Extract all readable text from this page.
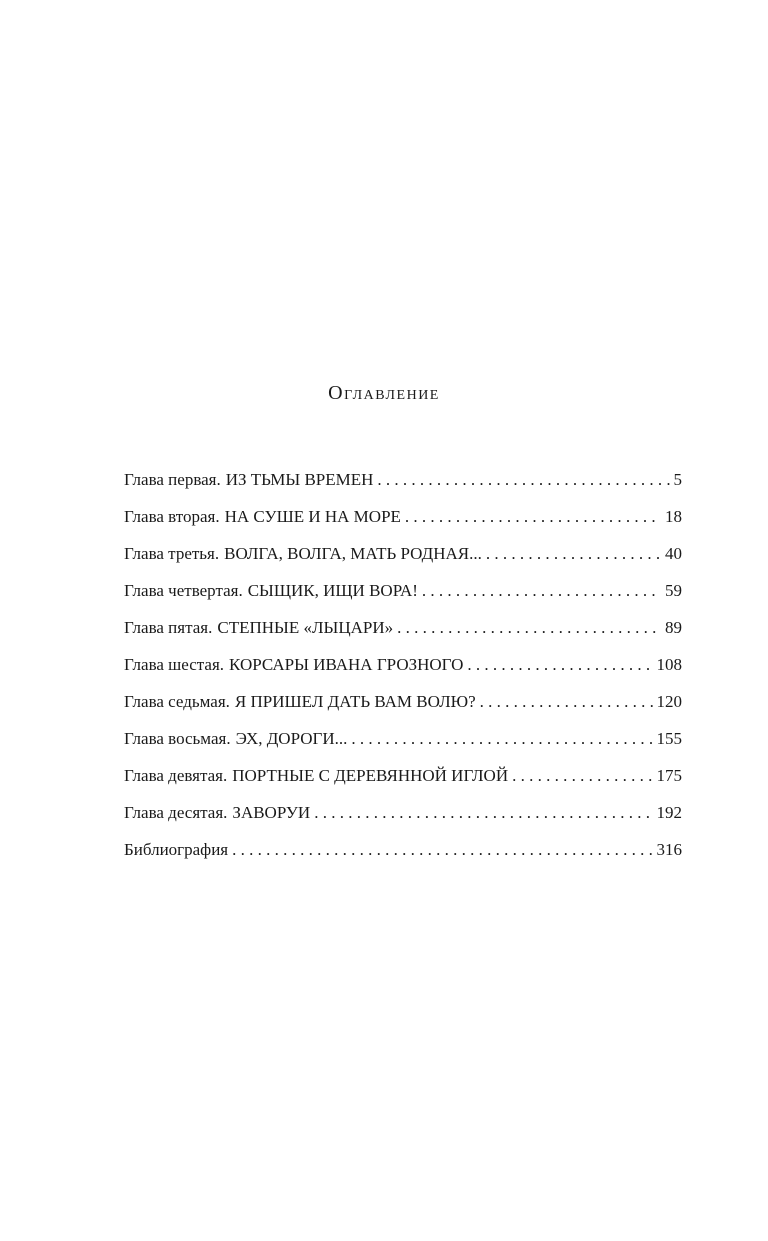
Оглавление
Глава первая. ИЗ ТЬМЫ ВРЕМЕН . . .	5
Глава вторая. НА СУШЕ И НА МОРЕ . . .	18
Глава третья. ВОЛГА, ВОЛГА, МАТЬ РОДНАЯ... . . .	40
Глава четвертая. СЫЩИК, ИЩИ ВОРА! . . .	59
Глава пятая. СТЕПНЫЕ «ЛЫЦАРИ» . . .	89
Глава шестая. КОРСАРЫ ИВАНА ГРОЗНОГО . . .	108
Глава седьмая. Я ПРИШЕЛ ДАТЬ ВАМ ВОЛЮ? . . .	120
Глава восьмая. ЭХ, ДОРОГИ... . . .	155
Глава девятая. ПОРТНЫЕ С ДЕРЕВЯННОЙ ИГЛОЙ . . .	175
Глава десятая. ЗАВОРУИ . . .	192
Библиография . . .	316
